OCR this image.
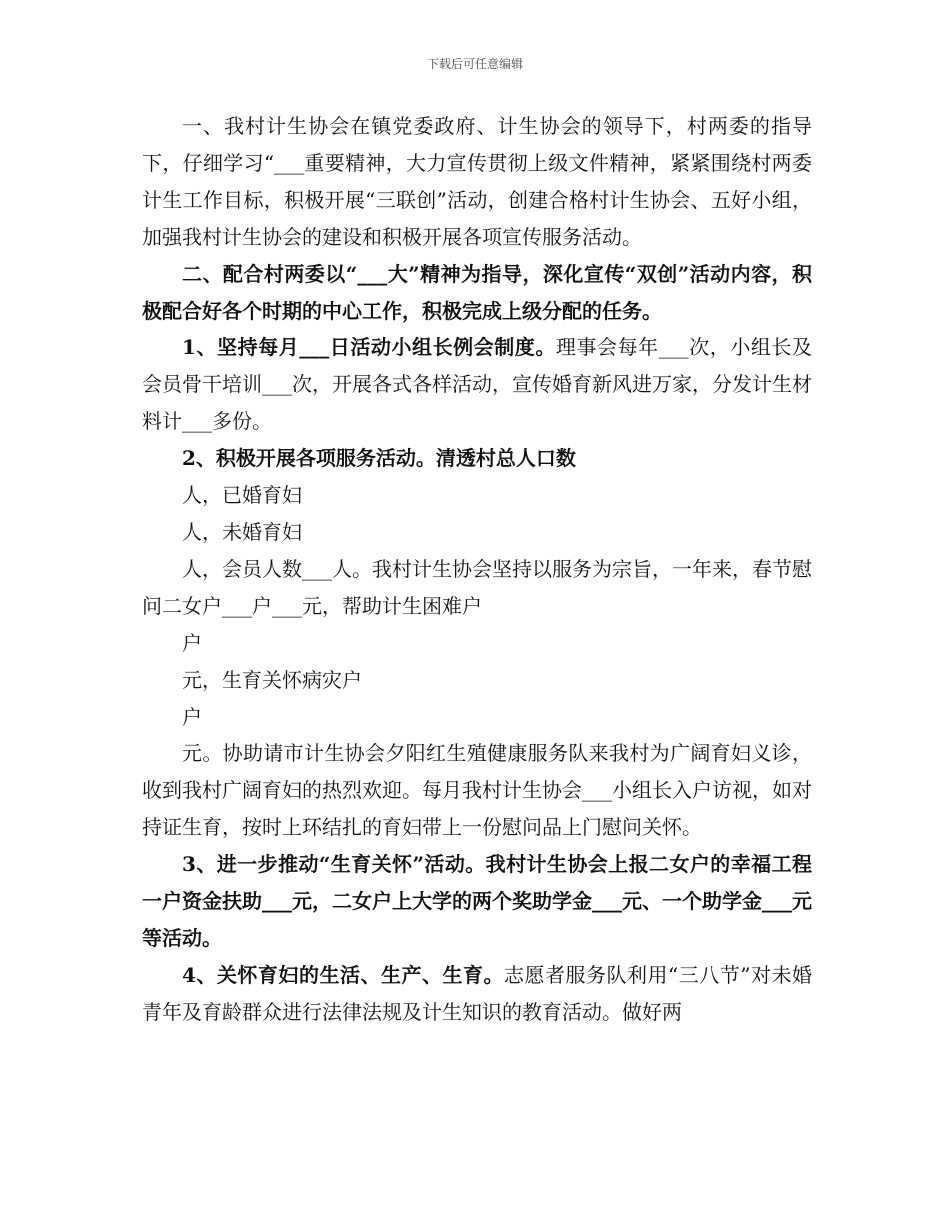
下载后可任意编辑

一、我村计生协会在镇党委政府、计生协会的领导下，村两委的指导下，仔细学习“___重要精神，大力宣传贯彻上级文件精神，紧紧围绕村两委计生工作目标，积极开展“三联创”活动，创建合格村计生协会、五好小组，加强我村计生协会的建设和积极开展各项宣传服务活动。

二、配合村两委以“___大”精神为指导，深化宣传“双创”活动内容，积极配合好各个时期的中心工作，积极完成上级分配的任务。

1、坚持每月___日活动小组长例会制度。理事会每年___次，小组长及会员骨干培训___次，开展各式各样活动，宣传婚育新风进万家，分发计生材料计___多份。

2、积极开展各项服务活动。清透村总人口数

人，已婚育妇

人，未婚育妇

人，会员人数___人。我村计生协会坚持以服务为宗旨，一年来，春节慰问二女户___户___元，帮助计生困难户

户

元，生育关怀病灾户

户

元。协助请市计生协会夕阳红生殖健康服务队来我村为广阔育妇义诊，收到我村广阔育妇的热烈欢迎。每月我村计生协会___小组长入户访视，如对持证生育，按时上环结扎的育妇带上一份慰问品上门慰问关怀。

3、进一步推动“生育关怀”活动。我村计生协会上报二女户的幸福工程一户资金扶助___元，二女户上大学的两个奖助学金___元、一个助学金___元等活动。

4、关怀育妇的生活、生产、生育。志愿者服务队利用“三八节”对未婚青年及育龄群众进行法律法规及计生知识的教育活动。做好两
